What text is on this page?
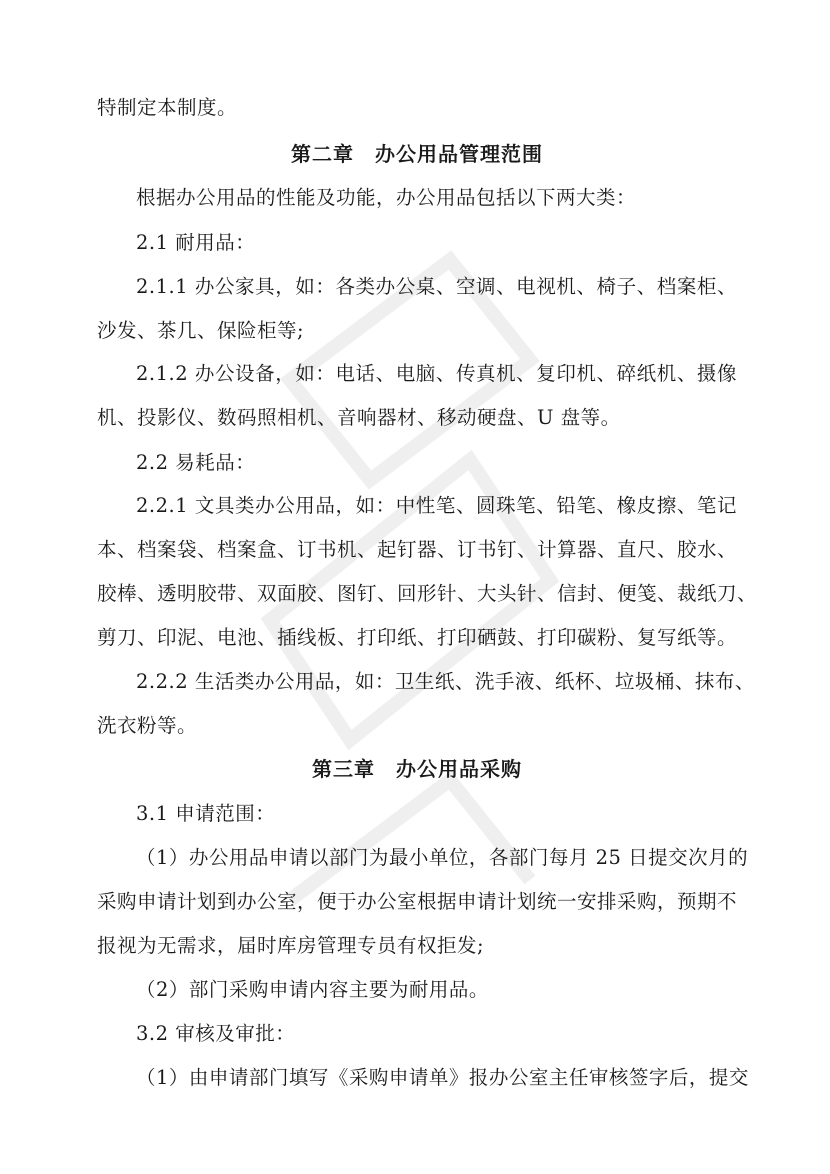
特制定本制度。
第二章　办公用品管理范围
根据办公用品的性能及功能，办公用品包括以下两大类：
2.1 耐用品：
2.1.1 办公家具，如：各类办公桌、空调、电视机、椅子、档案柜、
沙发、茶几、保险柜等;
2.1.2 办公设备，如：电话、电脑、传真机、复印机、碎纸机、摄像
机、投影仪、数码照相机、音响器材、移动硬盘、U 盘等。
2.2 易耗品：
2.2.1 文具类办公用品，如：中性笔、圆珠笔、铅笔、橡皮擦、笔记
本、档案袋、档案盒、订书机、起钉器、订书钉、计算器、直尺、胶水、
胶棒、透明胶带、双面胶、图钉、回形针、大头针、信封、便笺、裁纸刀、
剪刀、印泥、电池、插线板、打印纸、打印硒鼓、打印碳粉、复写纸等。
2.2.2 生活类办公用品，如：卫生纸、洗手液、纸杯、垃圾桶、抹布、
洗衣粉等。
第三章　办公用品采购
3.1 申请范围：
（1）办公用品申请以部门为最小单位，各部门每月 25 日提交次月的
采购申请计划到办公室，便于办公室根据申请计划统一安排采购，预期不
报视为无需求，届时库房管理专员有权拒发;
（2）部门采购申请内容主要为耐用品。
3.2 审核及审批：
（1）由申请部门填写《采购申请单》报办公室主任审核签字后，提交
